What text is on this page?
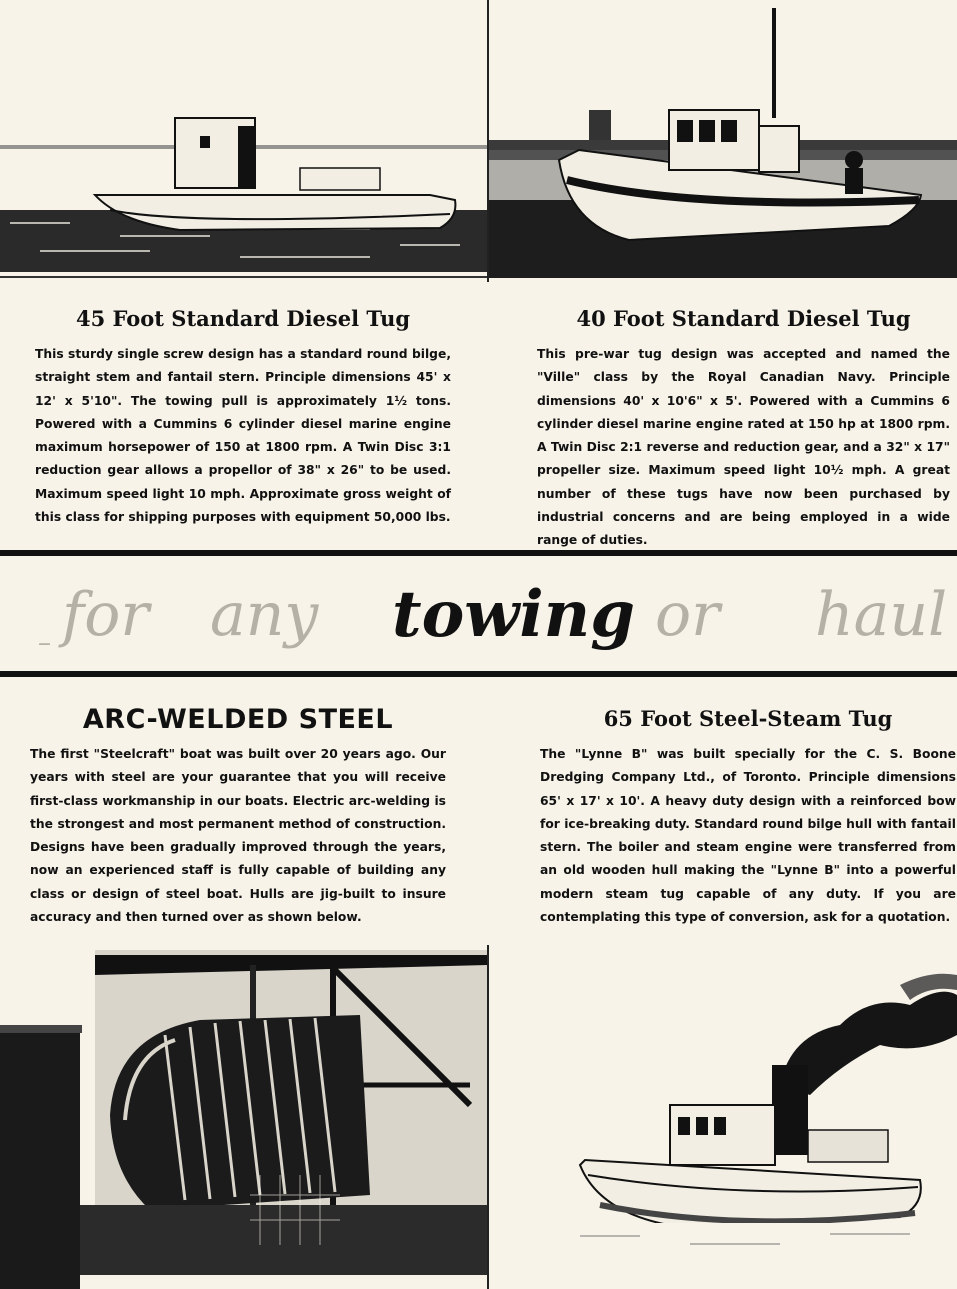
45 Foot Standard Diesel Tug

This sturdy single screw design has a standard round bilge, straight stem and fantail stern. Principle dimensions 45' x 12' x 5'10". The towing pull is approximately 1½ tons. Powered with a Cummins 6 cylinder diesel marine engine maximum horsepower of 150 at 1800 rpm. A Twin Disc 3:1 reduction gear allows a propellor of 38" x 26" to be used. Maximum speed light 10 mph. Approximate gross weight of this class for shipping purposes with equipment 50,000 lbs.

40 Foot Standard Diesel Tug

This pre-war tug design was accepted and named the "Ville" class by the Royal Canadian Navy. Principle dimensions 40' x 10'6" x 5'. Powered with a Cummins 6 cylinder diesel marine engine rated at 150 hp at 1800 rpm. A Twin Disc 2:1 reverse and reduction gear, and a 32" x 17" propeller size. Maximum speed light 10½ mph. A great number of these tugs have now been purchased by industrial concerns and are being employed in a wide range of duties.

– for any towing or haul
ARC-WELDED STEEL

The first "Steelcraft" boat was built over 20 years ago. Our years with steel are your guarantee that you will receive first-class workmanship in our boats. Electric arc-welding is the strongest and most permanent method of construction. Designs have been gradually improved through the years, now an experienced staff is fully capable of building any class or design of steel boat. Hulls are jig-built to insure accuracy and then turned over as shown below.

65 Foot Steel-Steam Tug

The "Lynne B" was built specially for the C. S. Boone Dredging Company Ltd., of Toronto. Principle dimensions 65' x 17' x 10'. A heavy duty design with a reinforced bow for ice-breaking duty. Standard round bilge hull with fantail stern. The boiler and steam engine were transferred from an old wooden hull making the "Lynne B" into a powerful modern steam tug capable of any duty. If you are contemplating this type of conversion, ask for a quotation.
